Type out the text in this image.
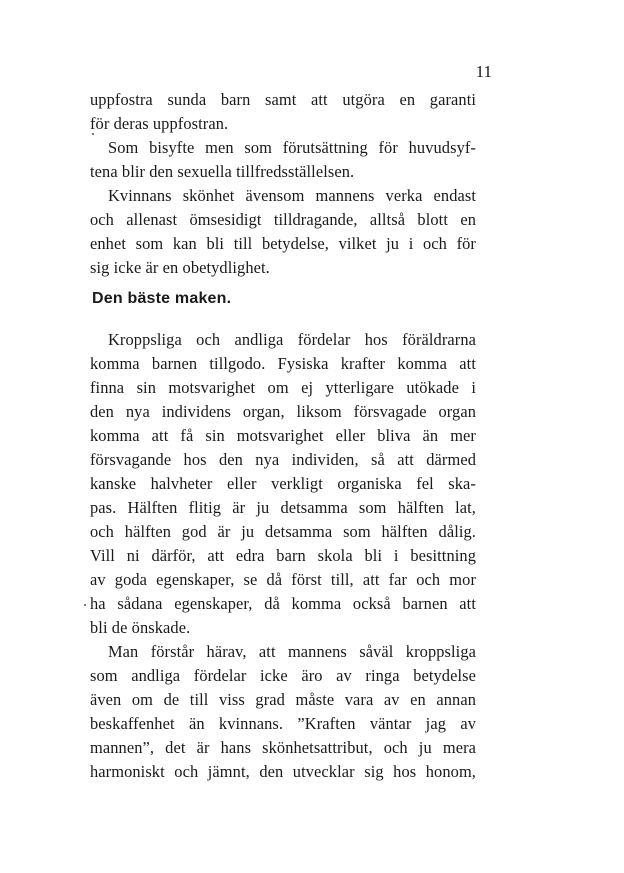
11
uppfostra sunda barn samt att utgöra en garanti
för deras uppfostran.
Som bisyfte men som förutsättning för huvudsyf-
tena blir den sexuella tillfredsställelsen.
Kvinnans skönhet ävensom mannens verka endast
och allenast ömsesidigt tilldragande, alltså blott en
enhet som kan bli till betydelse, vilket ju i och för
sig icke är en obetydlighet.
Den bäste maken.
Kroppsliga och andliga fördelar hos föräldrarna
komma barnen tillgodo. Fysiska krafter komma att
finna sin motsvarighet om ej ytterligare utökade i
den nya individens organ, liksom försvagade organ
komma att få sin motsvarighet eller bliva än mer
försvagande hos den nya individen, så att därmed
kanske halvheter eller verkligt organiska fel ska-
pas. Hälften flitig är ju detsamma som hälften lat,
och hälften god är ju detsamma som hälften dålig.
Vill ni därför, att edra barn skola bli i besittning
av goda egenskaper, se då först till, att far och mor
ha sådana egenskaper, då komma också barnen att
bli de önskade.
Man förstår härav, att mannens såväl kroppsliga
som andliga fördelar icke äro av ringa betydelse
även om de till viss grad måste vara av en annan
beskaffenhet än kvinnans. ”Kraften väntar jag av
mannen”, det är hans skönhetsattribut, och ju mera
harmoniskt och jämnt, den utvecklar sig hos honom,
